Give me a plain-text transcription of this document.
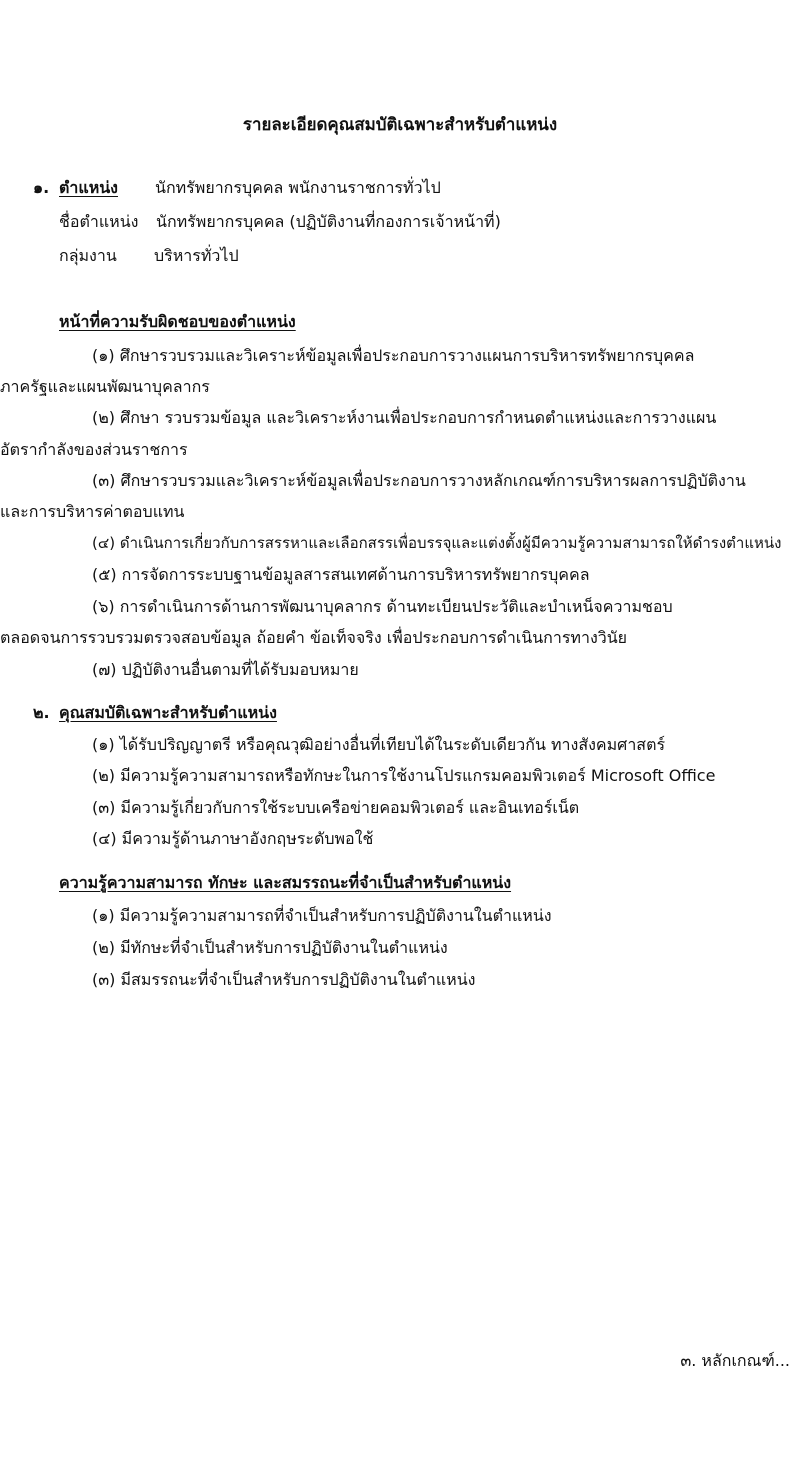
รายละเอียดคุณสมบัติเฉพาะสำหรับตำแหน่ง
๑. ตำแหน่ง นักทรัพยากรบุคคล พนักงานราชการทั่วไป
ชื่อตำแหน่ง นักทรัพยากรบุคคล (ปฏิบัติงานที่กองการเจ้าหน้าที่)
กลุ่มงาน บริหารทั่วไป
หน้าที่ความรับผิดชอบของตำแหน่ง
(๑) ศึกษารวบรวมและวิเคราะห์ข้อมูลเพื่อประกอบการวางแผนการบริหารทรัพยากรบุคคล
ภาครัฐและแผนพัฒนาบุคลากร
(๒) ศึกษา รวบรวมข้อมูล และวิเคราะห์งานเพื่อประกอบการกำหนดตำแหน่งและการวางแผน
อัตรากำลังของส่วนราชการ
(๓) ศึกษารวบรวมและวิเคราะห์ข้อมูลเพื่อประกอบการวางหลักเกณฑ์การบริหารผลการปฏิบัติงาน
และการบริหารค่าตอบแทน
(๔) ดำเนินการเกี่ยวกับการสรรหาและเลือกสรรเพื่อบรรจุและแต่งตั้งผู้มีความรู้ความสามารถให้ดำรงตำแหน่ง
(๕) การจัดการระบบฐานข้อมูลสารสนเทศด้านการบริหารทรัพยากรบุคคล
(๖) การดำเนินการด้านการพัฒนาบุคลากร ด้านทะเบียนประวัติและบำเหน็จความชอบ
ตลอดจนการรวบรวมตรวจสอบข้อมูล ถ้อยคำ ข้อเท็จจริง เพื่อประกอบการดำเนินการทางวินัย
(๗) ปฏิบัติงานอื่นตามที่ได้รับมอบหมาย
๒. คุณสมบัติเฉพาะสำหรับตำแหน่ง
(๑) ได้รับปริญญาตรี หรือคุณวุฒิอย่างอื่นที่เทียบได้ในระดับเดียวกัน ทางสังคมศาสตร์
(๒) มีความรู้ความสามารถหรือทักษะในการใช้งานโปรแกรมคอมพิวเตอร์ Microsoft Office
(๓) มีความรู้เกี่ยวกับการใช้ระบบเครือข่ายคอมพิวเตอร์ และอินเทอร์เน็ต
(๔) มีความรู้ด้านภาษาอังกฤษระดับพอใช้
ความรู้ความสามารถ ทักษะ และสมรรถนะที่จำเป็นสำหรับตำแหน่ง
(๑) มีความรู้ความสามารถที่จำเป็นสำหรับการปฏิบัติงานในตำแหน่ง
(๒) มีทักษะที่จำเป็นสำหรับการปฏิบัติงานในตำแหน่ง
(๓) มีสมรรถนะที่จำเป็นสำหรับการปฏิบัติงานในตำแหน่ง
๓. หลักเกณฑ์...
